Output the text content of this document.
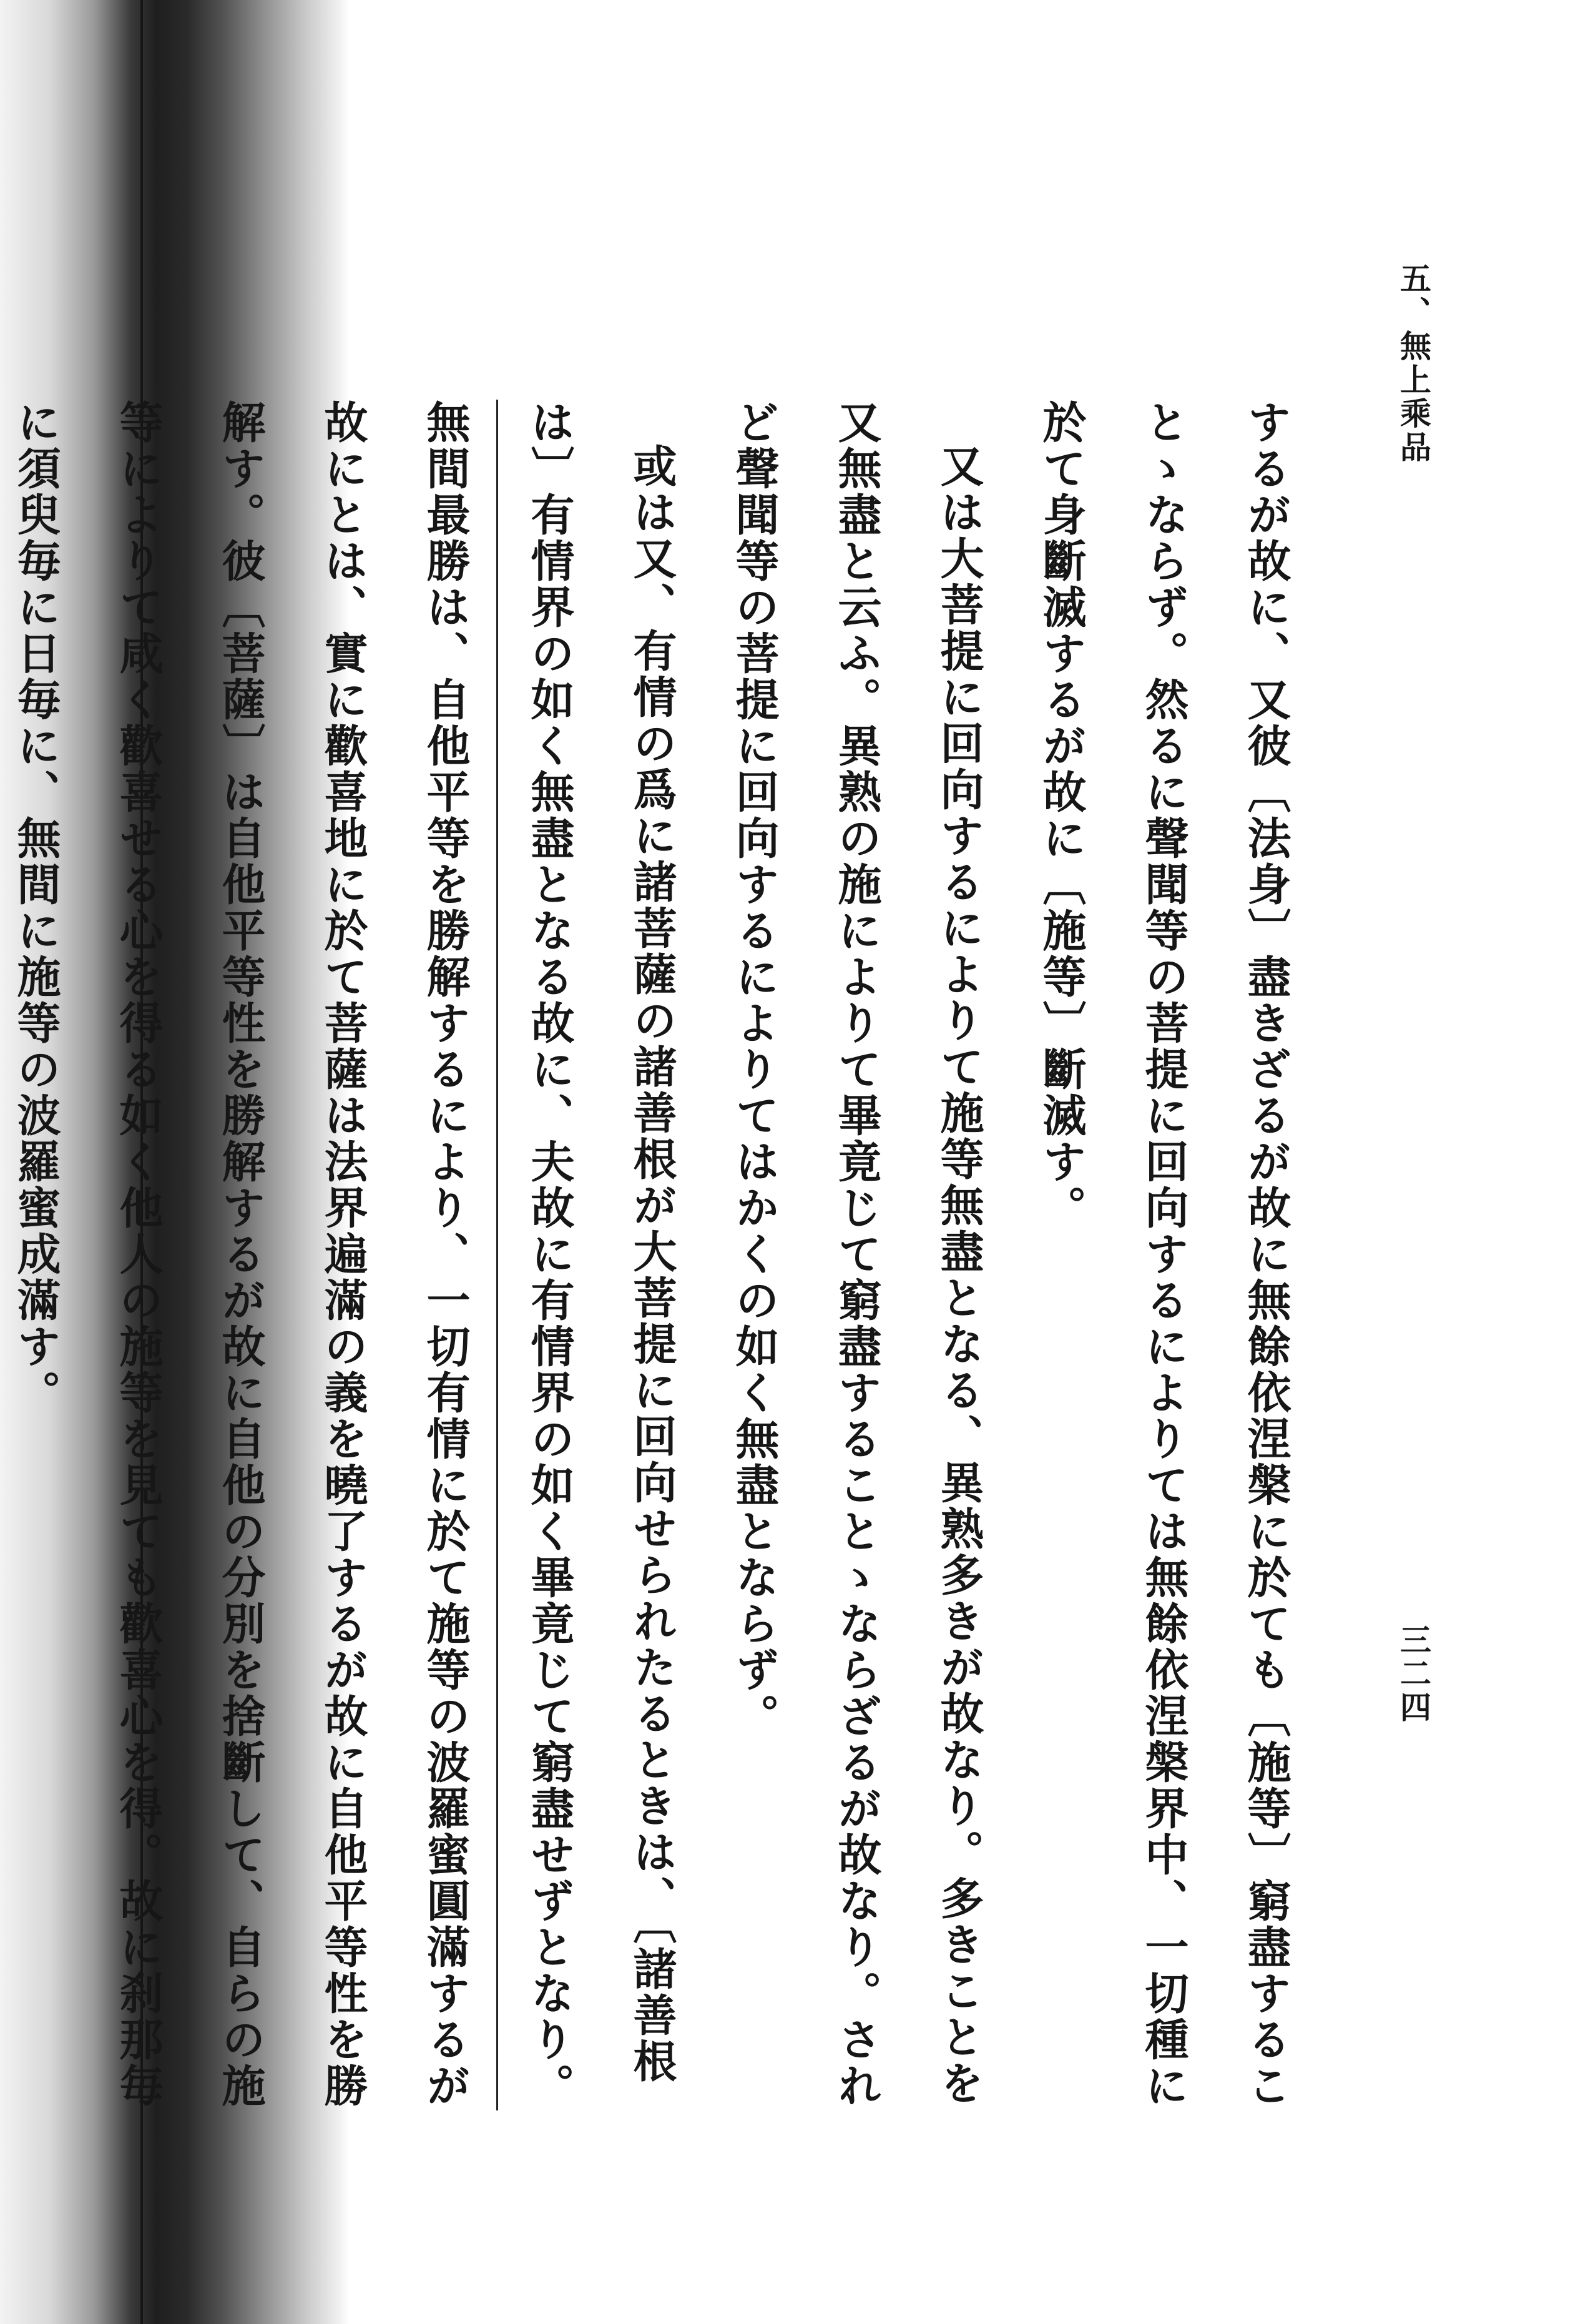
五、無上乘品
三二四

するが故に、又彼〔法身〕盡きざるが故に無餘依涅槃に於ても〔施等〕窮盡することゝならず。然るに聲聞等の菩提に回向するによりては無餘依涅槃界中、一切種に於て身斷滅するが故に〔施等〕斷滅す。

又は大菩提に回向するによりて施等無盡となる、異熟多きが故なり。多きことを又無盡と云ふ。異熟の施によりて畢竟じて窮盡することゝならざるが故なり。されど聲聞等の菩提に回向するによりてはかくの如く無盡とならず。

或は又、有情の爲に諸菩薩の諸善根が大菩提に回向せられたるときは、〔諸善根は〕有情界の如く無盡となる故に、夫故に有情界の如く畢竟じて窮盡せずとなり。

無間最勝は、自他平等を勝解するにより、一切有情に於て施等の波羅蜜圓滿するが故にとは、實に歡喜地に於て菩薩は法界遍滿の義を曉了するが故に自他平等性を勝解す。彼〔菩薩〕は自他平等性を勝解するが故に自他の分別を捨斷して、自らの施等によりて咸く歡喜せる心を得る如く他人の施等を見ても歡喜心を得。故に刹那毎に須臾毎に日毎に、無間に施等の波羅蜜成滿す。
